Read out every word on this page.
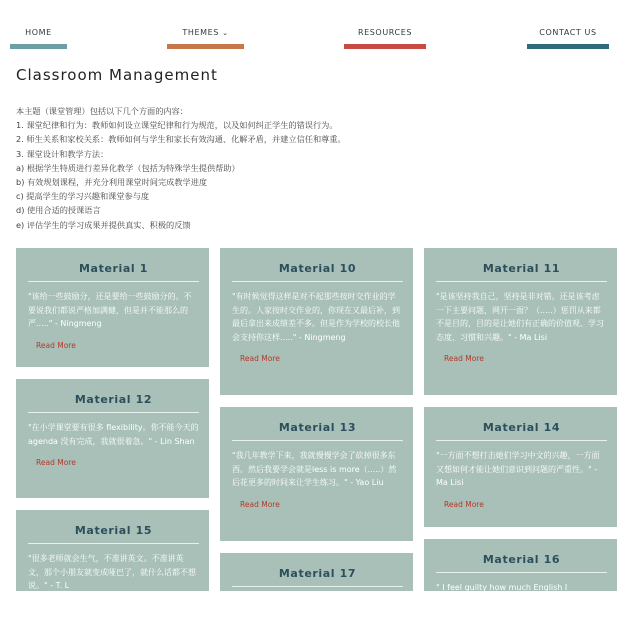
HOME	THEMES ⌄	RESOURCES	CONTACT US
Classroom Management
本主题（课堂管理）包括以下几个方面的内容：
1. 课堂纪律和行为：教师如何设立课堂纪律和行为规范，以及如何纠正学生的错误行为。
2. 师生关系和家校关系：教师如何与学生和家长有效沟通、化解矛盾，并建立信任和尊重。
3. 课堂设计和教学方法：
a) 根据学生特质进行差异化教学（包括为特殊学生提供帮助）
b) 有效规划课程，并充分利用课堂时间完成教学进度
c) 提高学生的学习兴趣和课堂参与度
d) 使用合适的授课语言
e) 评估学生的学习成果并提供真实、积极的反馈
Material 1
"该给一些鼓励分，还是要给一些鼓励分的。不要说我们都说严格加满健，但是并不能那么的严....." - Ningmeng
Read More
Material 12
"在小学课堂要有很多 flexibility。你不能今天的agenda 没有完成，我就很着急。" - Lin Shan
Read More
Material 15
"很多老师就会生气，不准讲英文。不准讲英文，那个小朋友就变成哑巴了，就什么话都不想说。" - T. L
Material 10
"有时候觉得这样是对不起那些按时交作业的学生的。人家按时交作业的，你现在又最后补，到最后拿出来成绩差不多。但是作为学校的校长他会支持你这样....." - Ningmeng
Read More
Material 13
"我几年教学下来，我就慢慢学会了砍掉很多东西。然后我要学会就是less is more（.....）然后花更多的时间来让学生练习。" - Yao Liu
Read More
Material 17
Material 11
"是该坚持我自己，坚持是非对错。还是该考虑一下主要问题，网开一面？（.....）惩罚从来都不是目的，目的是让她们有正确的价值观、学习态度、习惯和兴趣。" - Ma Lisi
Read More
Material 14
"一方面不想打击她们学习中文的兴趣，一方面又想如何才能让她们意识到问题的严重性。" - Ma Lisi
Read More
Material 16
" I feel guilty how much English I
